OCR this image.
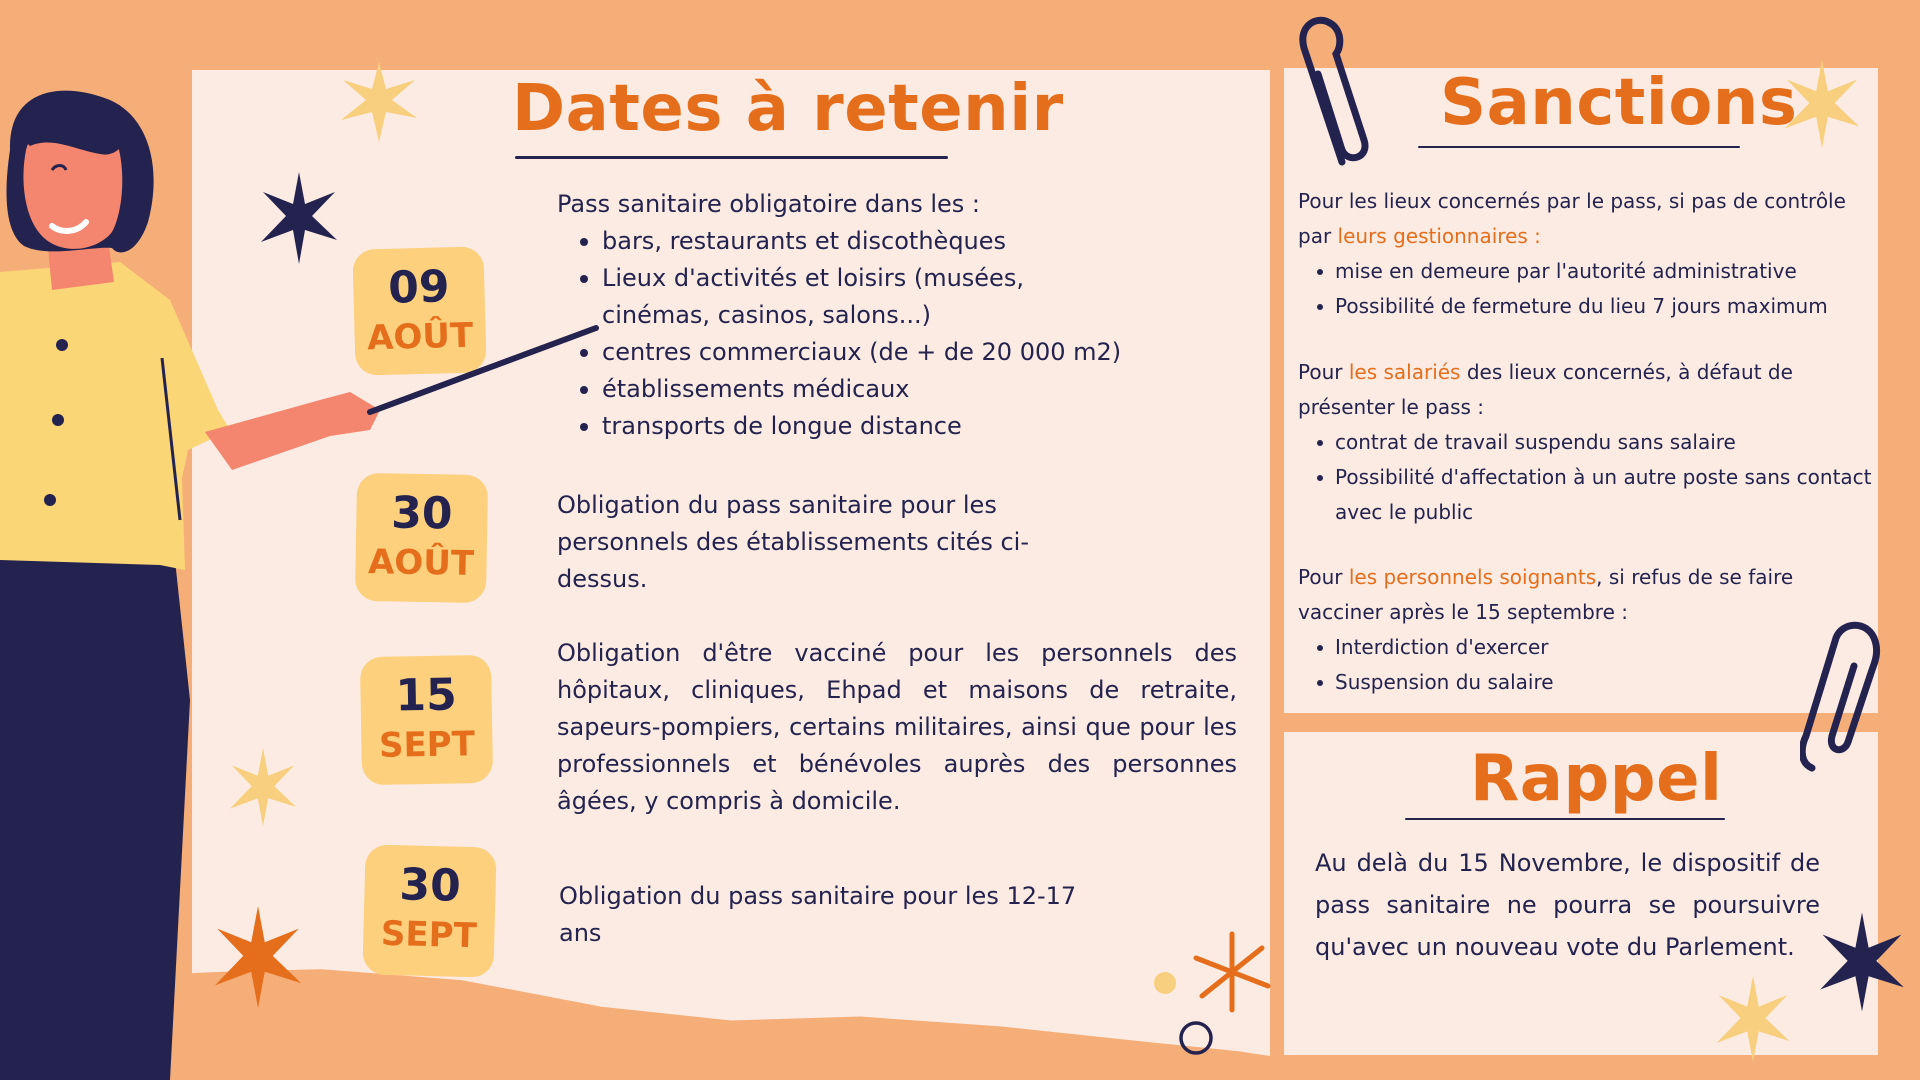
Dates à retenir
09
AOÛT
30
AOÛT
15
SEPT
30
SEPT

Pass sanitaire obligatoire dans les :

bars, restaurants et discothèques
Lieux d'activités et loisirs (musées, cinémas, casinos, salons...)
centres commerciaux (de + de 20 000 m2)
établissements médicaux
transports de longue distance
Obligation du pass sanitaire pour les personnels des établissements cités ci-dessus.
Obligation d'être vacciné pour les personnels des hôpitaux, cliniques, Ehpad et maisons de retraite, sapeurs-pompiers, certains militaires, ainsi que pour les professionnels et bénévoles auprès des personnes âgées, y compris à domicile.
Obligation du pass sanitaire pour les 12-17 ans
Sanctions

Pour les lieux concernés par le pass, si pas de contrôle par leurs gestionnaires :

mise en demeure par l'autorité administrative
Possibilité de fermeture du lieu 7 jours maximum

Pour les salariés des lieux concernés, à défaut de présenter le pass :

contrat de travail suspendu sans salaire
Possibilité d'affectation à un autre poste sans contact avec le public

Pour les personnels soignants, si refus de se faire vacciner après le 15 septembre :

Interdiction d'exercer
Suspension du salaire
Rappel
Au delà du 15 Novembre, le dispositif de pass sanitaire ne pourra se poursuivre qu'avec un nouveau vote du Parlement.
